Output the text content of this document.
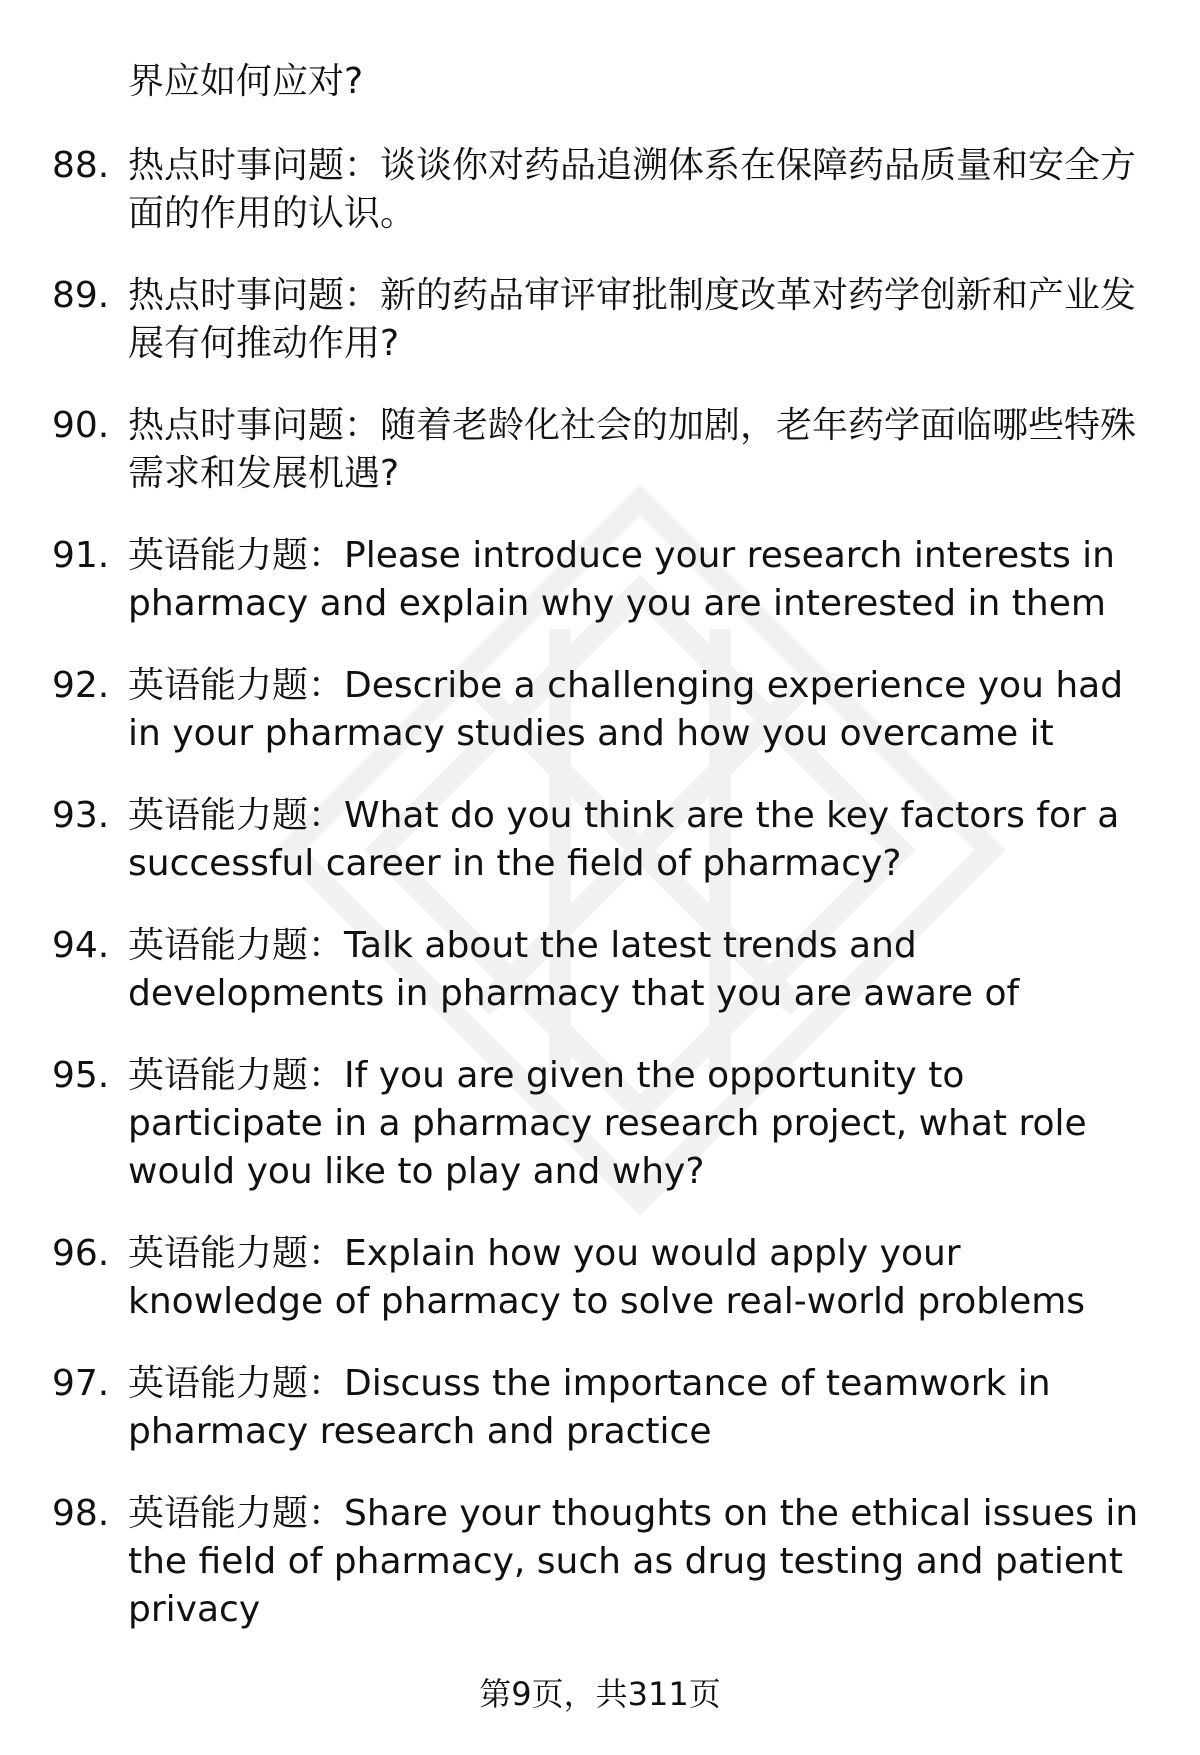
界应如何应对?
88. 热点时事问题：谈谈你对药品追溯体系在保障药品质量和安全方面的作用的认识。
89. 热点时事问题：新的药品审评审批制度改革对药学创新和产业发展有何推动作用?
90. 热点时事问题：随着老龄化社会的加剧，老年药学面临哪些特殊需求和发展机遇?
91. 英语能力题：Please introduce your research interests in pharmacy and explain why you are interested in them
92. 英语能力题：Describe a challenging experience you had in your pharmacy studies and how you overcame it
93. 英语能力题：What do you think are the key factors for a successful career in the field of pharmacy?
94. 英语能力题：Talk about the latest trends and developments in pharmacy that you are aware of
95. 英语能力题：If you are given the opportunity to participate in a pharmacy research project, what role would you like to play and why?
96. 英语能力题：Explain how you would apply your knowledge of pharmacy to solve real-world problems
97. 英语能力题：Discuss the importance of teamwork in pharmacy research and practice
98. 英语能力题：Share your thoughts on the ethical issues in the field of pharmacy, such as drug testing and patient privacy
第9页，共311页
